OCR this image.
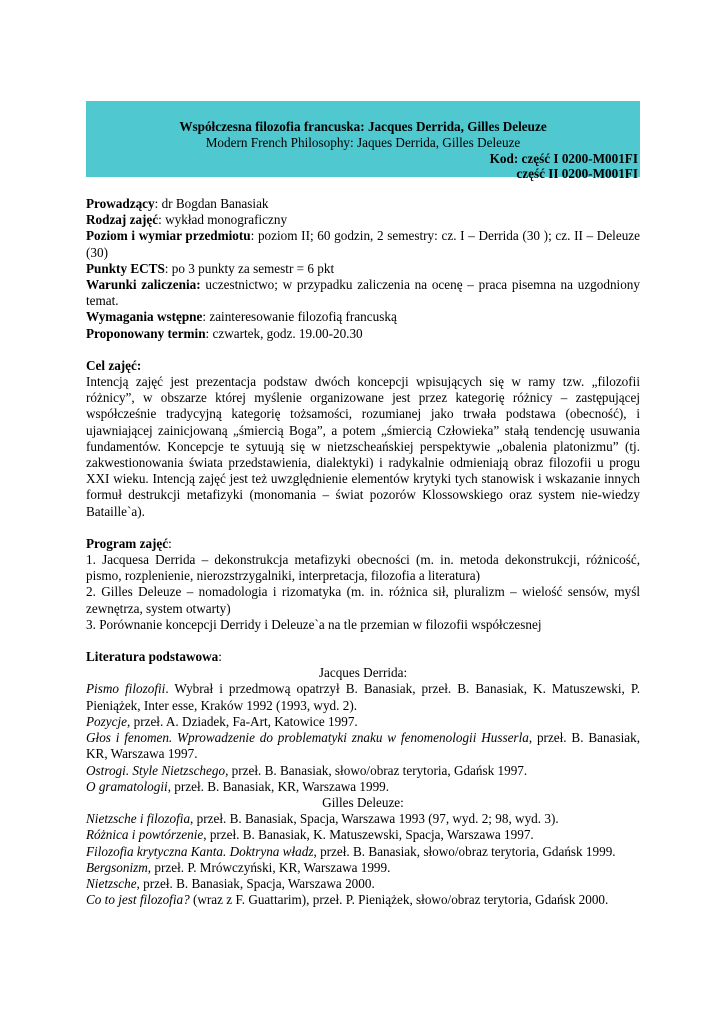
Współczesna filozofia francuska: Jacques Derrida, Gilles Deleuze
Modern French Philosophy: Jaques Derrida, Gilles Deleuze
Kod: część I 0200-M001FI
część II 0200-M001FI
Prowadzący: dr Bogdan Banasiak
Rodzaj zajęć: wykład monograficzny
Poziom i wymiar przedmiotu: poziom II; 60 godzin, 2 semestry: cz. I – Derrida (30 ); cz. II – Deleuze (30)
Punkty ECTS: po 3 punkty za semestr = 6 pkt
Warunki zaliczenia: uczestnictwo; w przypadku zaliczenia na ocenę – praca pisemna na uzgodniony temat.
Wymagania wstępne: zainteresowanie filozofią francuską
Proponowany termin: czwartek, godz. 19.00-20.30
Cel zajęć:
Intencją zajęć jest prezentacja podstaw dwóch koncepcji wpisujących się w ramy tzw. „filozofii różnicy”, w obszarze której myślenie organizowane jest przez kategorię różnicy – zastępującej współcześnie tradycyjną kategorię tożsamości, rozumianej jako trwała podstawa (obecność), i ujawniającej zainicjowaną „śmiercią Boga”, a potem „śmiercią Człowieka” stałą tendencję usuwania fundamentów. Koncepcje te sytuują się w nietzscheańskiej perspektywie „obalenia platonizmu” (tj. zakwestionowania świata przedstawienia, dialektyki) i radykalnie odmieniają obraz filozofii u progu XXI wieku. Intencją zajęć jest też uwzględnienie elementów krytyki tych stanowisk i wskazanie innych formuł destrukcji metafizyki (monomania – świat pozorów Klossowskiego oraz system nie-wiedzy Bataille`a).
Program zajęć:
1. Jacquesa Derrida – dekonstrukcja metafizyki obecności (m. in. metoda dekonstrukcji, różnicość, pismo, rozplenienie, nierozstrzygalniki, interpretacja, filozofia a literatura)
2. Gilles Deleuze – nomadologia i rizomatyka (m. in. różnica sił, pluralizm – wielość sensów, myśl zewnętrza, system otwarty)
3. Porównanie koncepcji Derridy i Deleuze`a na tle przemian w filozofii współczesnej
Literatura podstawowa:
Jacques Derrida:
Pismo filozofii. Wybrał i przedmową opatrzył B. Banasiak, przeł. B. Banasiak, K. Matuszewski, P. Pieniążek, Inter esse, Kraków 1992 (1993, wyd. 2).
Pozycje, przeł. A. Dziadek, Fa-Art, Katowice 1997.
Głos i fenomen. Wprowadzenie do problematyki znaku w fenomenologii Husserla, przeł. B. Banasiak, KR, Warszawa 1997.
Ostrogi. Style Nietzschego, przeł. B. Banasiak, słowo/obraz terytoria, Gdańsk 1997.
O gramatologii, przeł. B. Banasiak, KR, Warszawa 1999.
Gilles Deleuze:
Nietzsche i filozofia, przeł. B. Banasiak, Spacja, Warszawa 1993 (97, wyd. 2; 98, wyd. 3).
Różnica i powtórzenie, przeł. B. Banasiak, K. Matuszewski, Spacja, Warszawa 1997.
Filozofia krytyczna Kanta. Doktryna władz, przeł. B. Banasiak, słowo/obraz terytoria, Gdańsk 1999.
Bergsonizm, przeł. P. Mrówczyński, KR, Warszawa 1999.
Nietzsche, przeł. B. Banasiak, Spacja, Warszawa 2000.
Co to jest filozofia? (wraz z F. Guattarim), przeł. P. Pieniążek, słowo/obraz terytoria, Gdańsk 2000.
